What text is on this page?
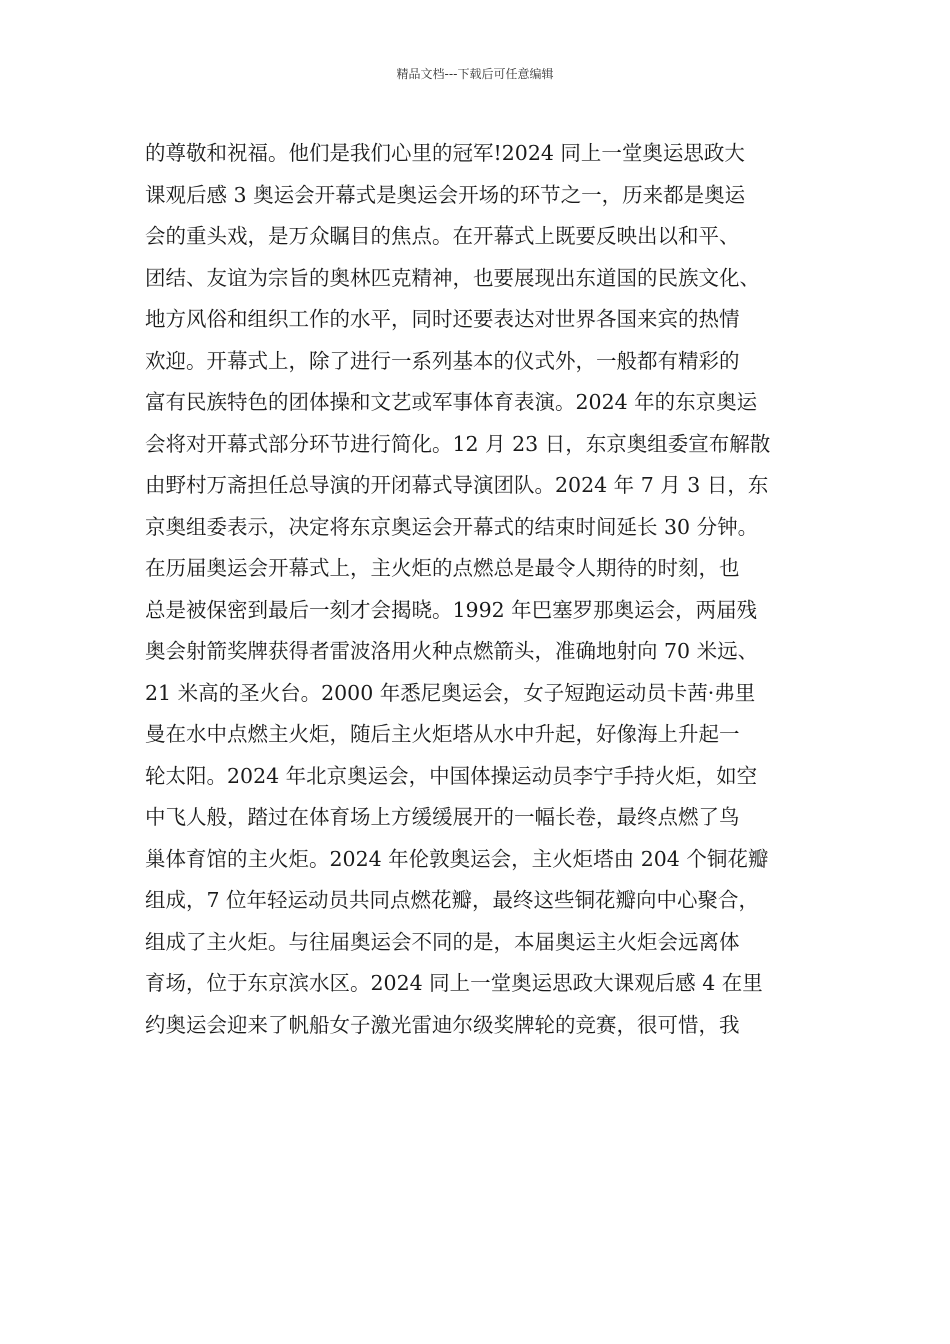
精品文档---下载后可任意编辑
的尊敬和祝福。他们是我们心里的冠军!2024 同上一堂奥运思政大
课观后感 3 奥运会开幕式是奥运会开场的环节之一，历来都是奥运
会的重头戏，是万众瞩目的焦点。在开幕式上既要反映出以和平、
团结、友谊为宗旨的奥林匹克精神，也要展现出东道国的民族文化、
地方风俗和组织工作的水平，同时还要表达对世界各国来宾的热情
欢迎。开幕式上，除了进行一系列基本的仪式外，一般都有精彩的
富有民族特色的团体操和文艺或军事体育表演。2024 年的东京奥运
会将对开幕式部分环节进行简化。12 月 23 日，东京奥组委宣布解散
由野村万斋担任总导演的开闭幕式导演团队。2024 年 7 月 3 日，东
京奥组委表示，决定将东京奥运会开幕式的结束时间延长 30 分钟。
在历届奥运会开幕式上，主火炬的点燃总是最令人期待的时刻，也
总是被保密到最后一刻才会揭晓。1992 年巴塞罗那奥运会，两届残
奥会射箭奖牌获得者雷波洛用火种点燃箭头，准确地射向 70 米远、
21 米高的圣火台。2000 年悉尼奥运会，女子短跑运动员卡茜·弗里
曼在水中点燃主火炬，随后主火炬塔从水中升起，好像海上升起一
轮太阳。2024 年北京奥运会，中国体操运动员李宁手持火炬，如空
中飞人般，踏过在体育场上方缓缓展开的一幅长卷，最终点燃了鸟
巢体育馆的主火炬。2024 年伦敦奥运会，主火炬塔由 204 个铜花瓣
组成，7 位年轻运动员共同点燃花瓣，最终这些铜花瓣向中心聚合，
组成了主火炬。与往届奥运会不同的是，本届奥运主火炬会远离体
育场，位于东京滨水区。2024 同上一堂奥运思政大课观后感 4 在里
约奥运会迎来了帆船女子激光雷迪尔级奖牌轮的竞赛，很可惜，我
